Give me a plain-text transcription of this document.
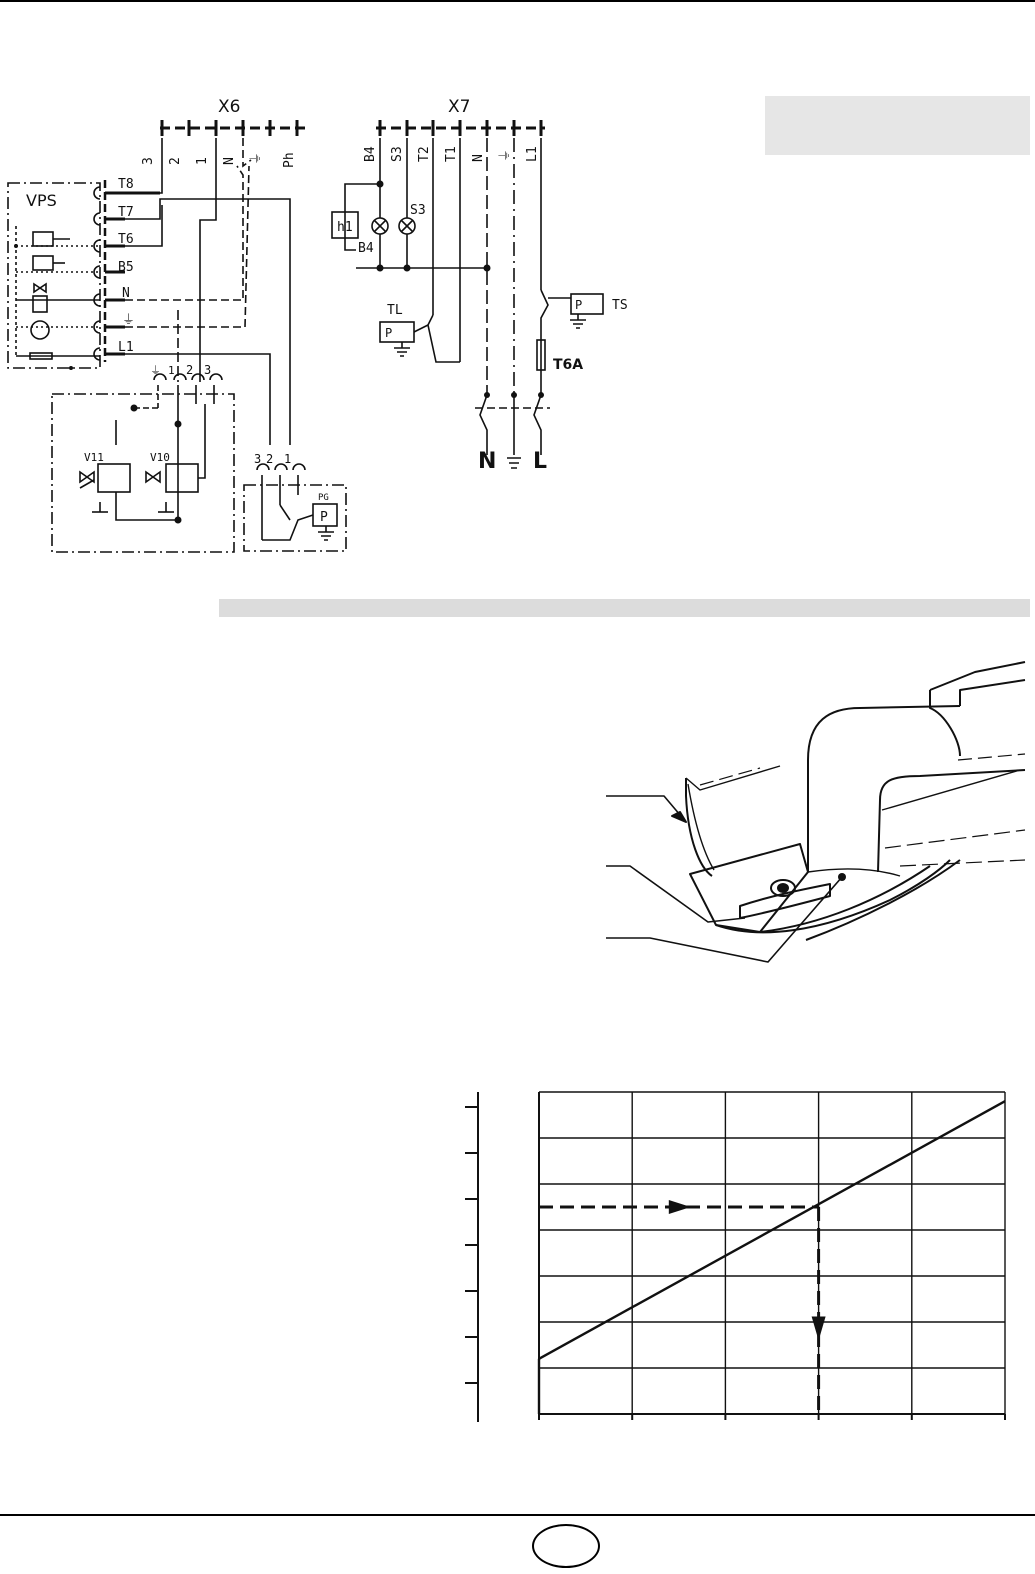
X6	X7
3 2 1 N ⏚ Ph	B4 S3 T2 T1 N ⏚ L1
T8
T7
T6
B5
N
⏚
L1
⏚ 1 2 3
V11	V10	3 2 1
PG
P
h1
B4
S3
TL	TS
P
P
VPS
T6A
N L
